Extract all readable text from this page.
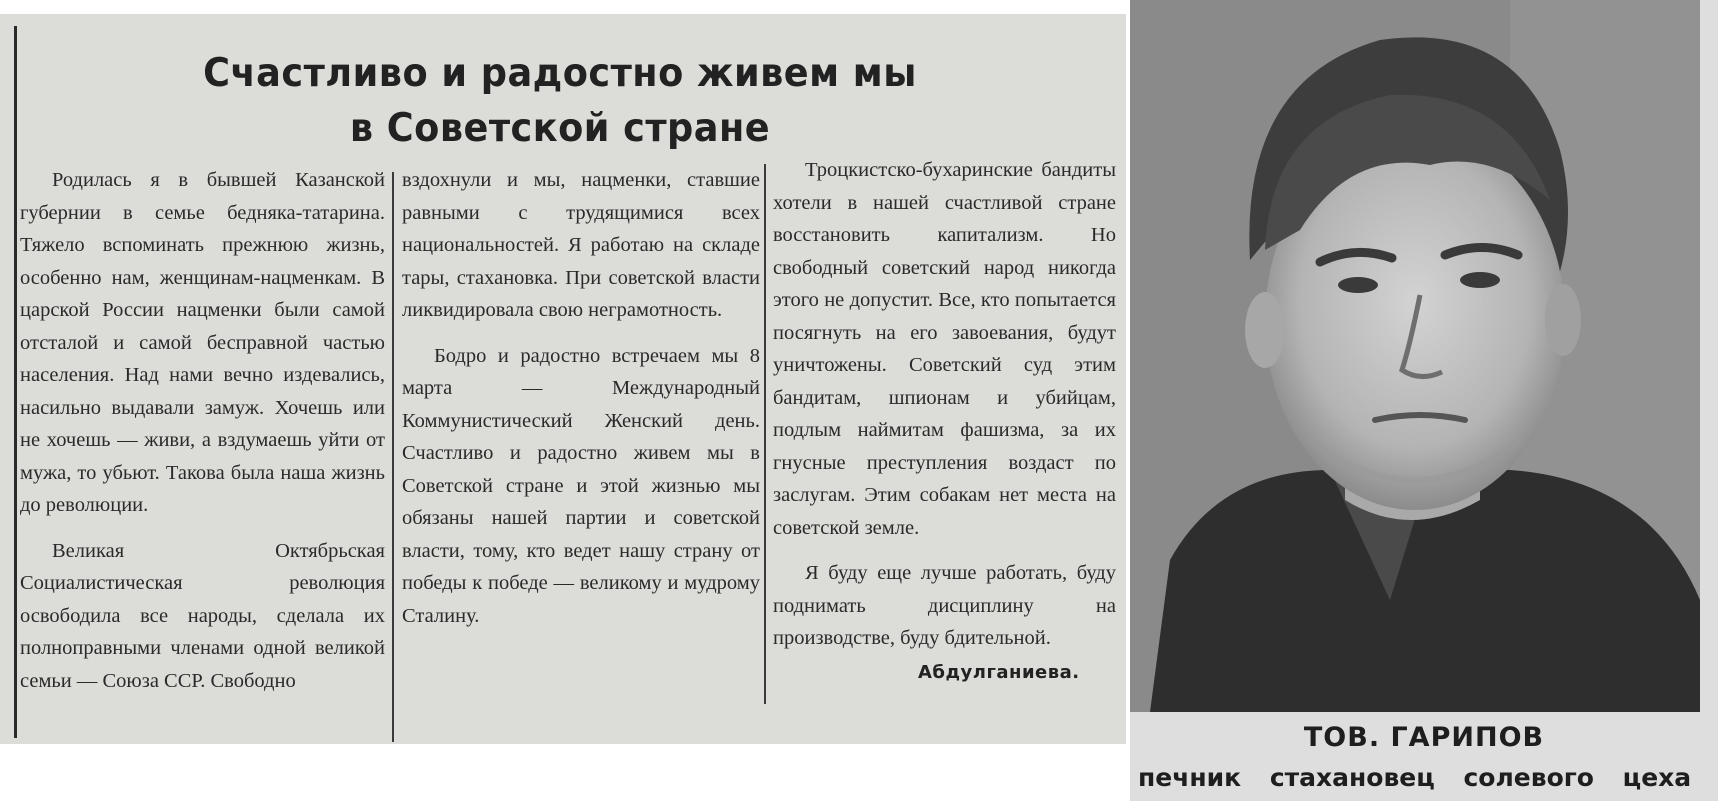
Счастливо и радостно живем мы
в Советской стране

Родилась я в бывшей Казанской губернии в семье бедняка-татарина. Тяжело вспоминать прежнюю жизнь, особенно нам, женщинам-нацменкам. В царской России нацменки были самой отсталой и самой бесправной частью населения. Над нами вечно издевались, насильно выдавали замуж. Хочешь или не хочешь — живи, а вздумаешь уйти от мужа, то убьют. Такова была наша жизнь до революции.

Великая Октябрьская Социалистическая революция освободила все народы, сделала их полноправными членами одной великой семьи — Союза ССР. Свободно

вздохнули и мы, нацменки, ставшие равными с трудящимися всех национальностей. Я работаю на складе тары, стахановка. При советской власти ликвидировала свою неграмотность.

Бодро и радостно встречаем мы 8 марта — Международный Коммунистический Женский день. Счастливо и радостно живем мы в Советской стране и этой жизнью мы обязаны нашей партии и советской власти, тому, кто ведет нашу страну от победы к победе — великому и мудрому Сталину.

Троцкистско-бухаринские бандиты хотели в нашей счастливой стране восстановить капитализм. Но свободный советский народ никогда этого не допустит. Все, кто попытается посягнуть на его завоевания, будут уничтожены. Советский суд этим бандитам, шпионам и убийцам, подлым наймитам фашизма, за их гнусные преступления воздаст по заслугам. Этим собакам нет места на советской земле.

Я буду еще лучше работать, буду поднимать дисциплину на производстве, буду бдительной.

Абдулганиева.
ТОВ. ГАРИПОВ
печник стахановец солевого цеха
